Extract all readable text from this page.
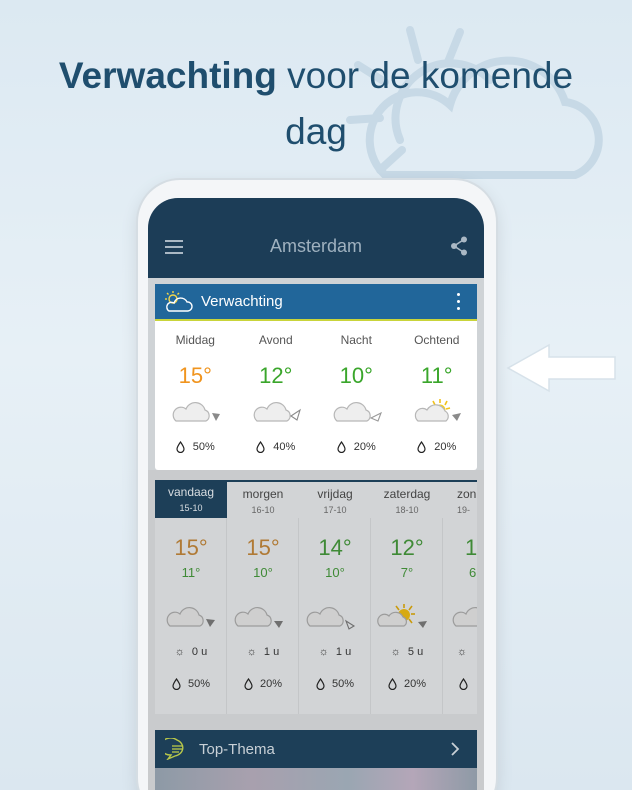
Verwachting voor de komende
dag
Amsterdam
Verwachting
Middag
15°
50%
Avond
12°
40%
Nacht
10°
20%
Ochtend
11°
20%
vandaag
15-10
15°
11°
☼ 0 u
50%
morgen
16-10
15°
10°
☼ 1 u
20%
vrijdag
17-10
14°
10°
☼ 1 u
50%
zaterdag
18-10
12°
7°
☼ 5 u
20%
zon
19-
1
6
☼
Top-Thema
